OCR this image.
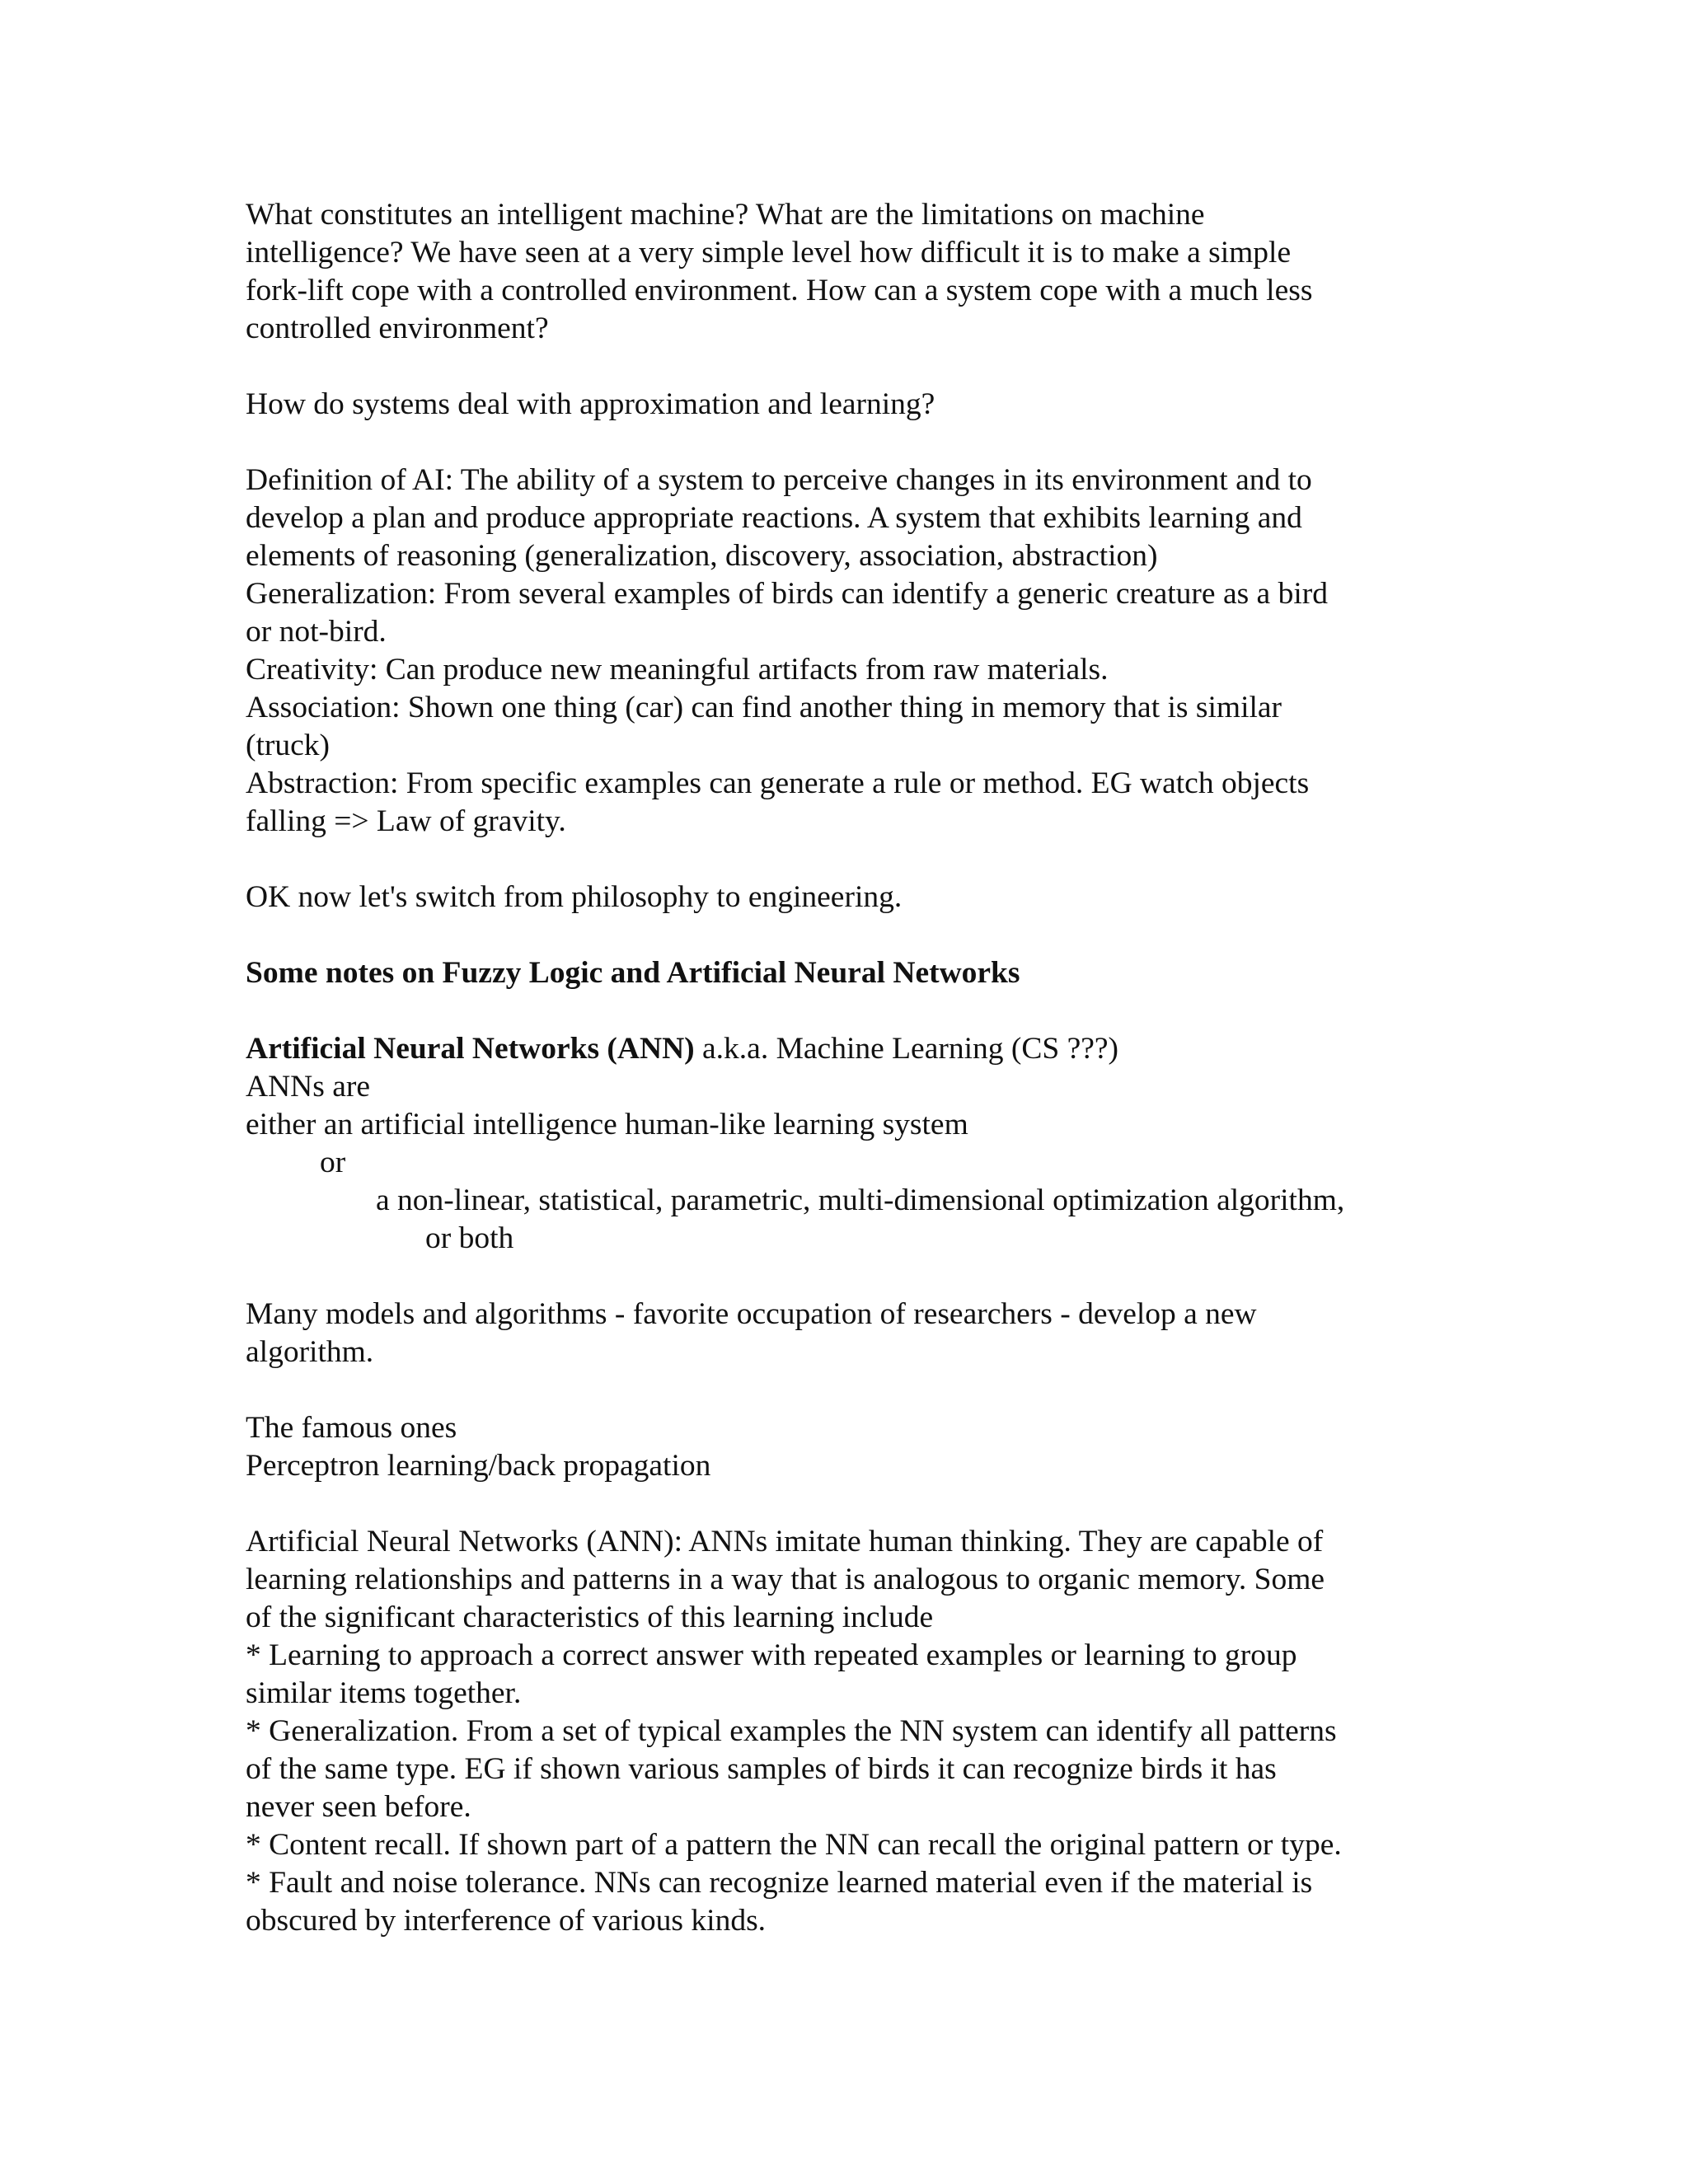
What constitutes an intelligent machine? What are the limitations on machine
intelligence? We have seen at a very simple level how difficult it is to make a simple
fork-lift cope with a controlled environment. How can a system cope with a much less
controlled environment?
How do systems deal with approximation and learning?
Definition of AI: The ability of a system to perceive changes in its environment and to
develop a plan and produce appropriate reactions. A system that exhibits learning and
elements of reasoning (generalization, discovery, association, abstraction)
Generalization: From several examples of birds can identify a generic creature as a bird
or not-bird.
Creativity: Can produce new meaningful artifacts from raw materials.
Association: Shown one thing (car) can find another thing in memory that is similar
(truck)
Abstraction: From specific examples can generate a rule or method. EG watch objects
falling => Law of gravity.
OK now let's switch from philosophy to engineering.
Some notes on Fuzzy Logic and Artificial Neural Networks
Artificial Neural Networks (ANN) a.k.a. Machine Learning (CS ???)
ANNs are
either an artificial intelligence human-like learning system
or
a non-linear, statistical, parametric, multi-dimensional optimization algorithm,
or both
Many models and algorithms - favorite occupation of researchers - develop a new
algorithm.
The famous ones
Perceptron learning/back propagation
Artificial Neural Networks (ANN): ANNs imitate human thinking. They are capable of
learning relationships and patterns in a way that is analogous to organic memory. Some
of the significant characteristics of this learning include
* Learning to approach a correct answer with repeated examples or learning to group
similar items together.
* Generalization. From a set of typical examples the NN system can identify all patterns
of the same type. EG if shown various samples of birds it can recognize birds it has
never seen before.
* Content recall. If shown part of a pattern the NN can recall the original pattern or type.
* Fault and noise tolerance. NNs can recognize learned material even if the material is
obscured by interference of various kinds.
